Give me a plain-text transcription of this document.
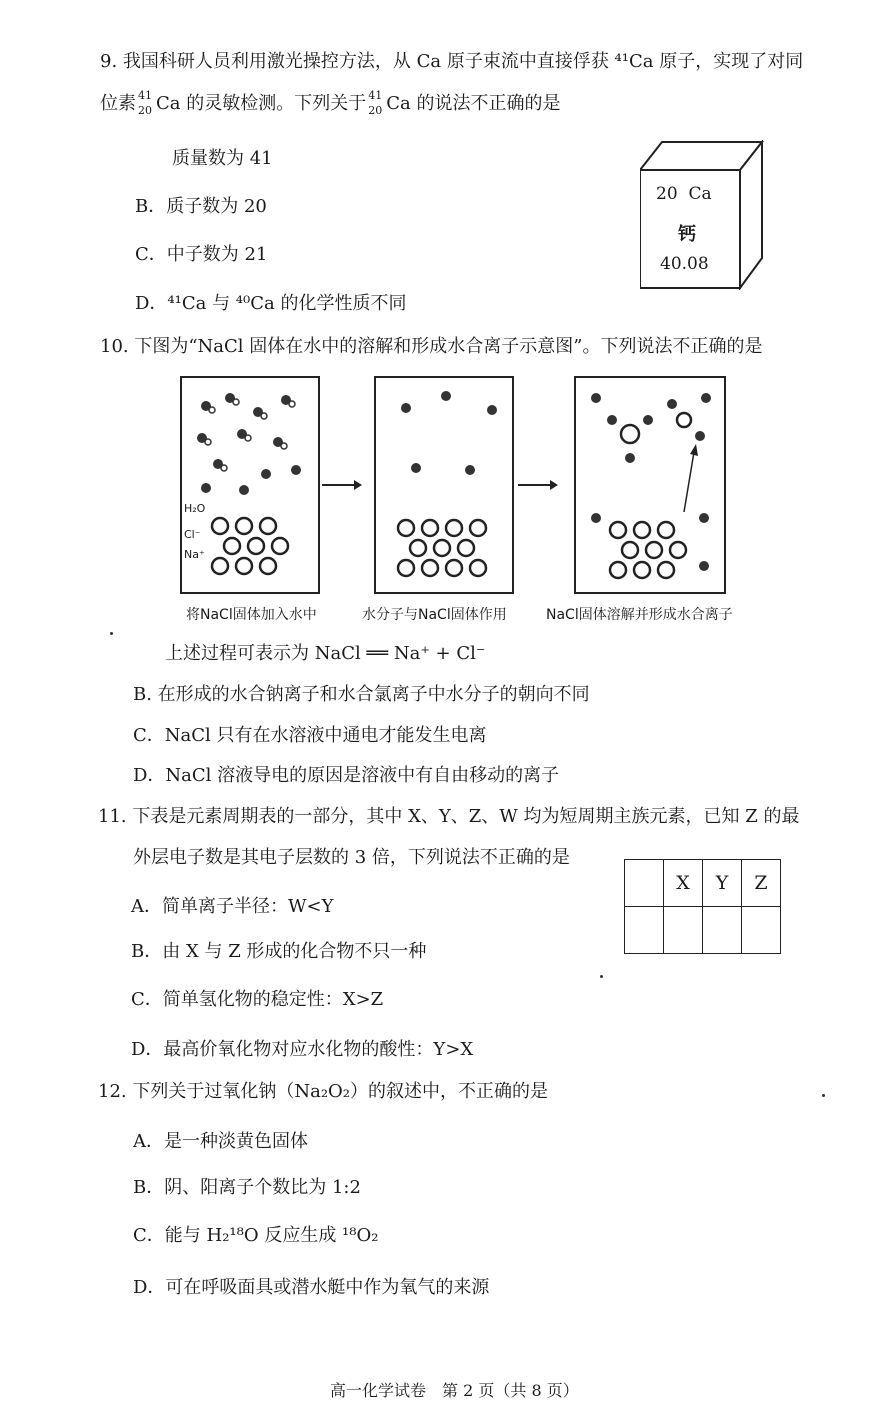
9. 我国科研人员利用激光操控方法，从 Ca 原子束流中直接俘获 ⁴¹Ca 原子，实现了对同
位素 41
20 Ca 的灵敏检测。下列关于 41
20 Ca 的说法不正确的是
质量数为 41
B．质子数为 20
C．中子数为 21
D．⁴¹Ca 与 ⁴⁰Ca 的化学性质不同
20 Ca
钙
40.08
10. 下图为“NaCl 固体在水中的溶解和形成水合离子示意图”。下列说法不正确的是
H₂O
Cl⁻
Na⁺
将NaCl固体加入水中	水分子与NaCl固体作用	NaCl固体溶解并形成水合离子
上述过程可表示为 NaCl ══ Na⁺ + Cl⁻
B. 在形成的水合钠离子和水合氯离子中水分子的朝向不同
C．NaCl 只有在水溶液中通电才能发生电离
D．NaCl 溶液导电的原因是溶液中有自由移动的离子
11. 下表是元素周期表的一部分，其中 X、Y、Z、W 均为短周期主族元素，已知 Z 的最
外层电子数是其电子层数的 3 倍，下列说法不正确的是
	X	Y	Z

A．简单离子半径：W<Y
B．由 X 与 Z 形成的化合物不只一种
C．简单氢化物的稳定性：X>Z
D．最高价氧化物对应水化物的酸性：Y>X
12. 下列关于过氧化钠（Na₂O₂）的叙述中，不正确的是
A．是一种淡黄色固体
B．阴、阳离子个数比为 1:2
C．能与 H₂¹⁸O 反应生成 ¹⁸O₂
D．可在呼吸面具或潜水艇中作为氧气的来源
高一化学试卷　第 2 页（共 8 页）
